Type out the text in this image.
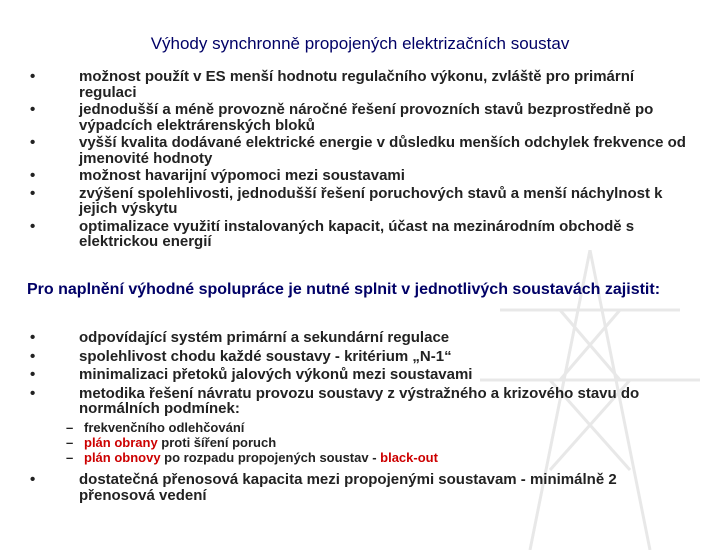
Výhody synchronně propojených elektrizačních soustav
•	možnost použít v ES menší hodnotu regulačního výkonu, zvláště pro primární regulaci
•	jednodušší a méně provozně náročné řešení provozních stavů bezprostředně po výpadcích elektrárenských bloků
•	vyšší kvalita dodávané elektrické energie v důsledku menších odchylek frekvence od jmenovité hodnoty
•	možnost havarijní výpomoci mezi soustavami
•	zvýšení spolehlivosti, jednodušší řešení poruchových stavů a menší náchylnost k jejich výskytu
•	optimalizace využití instalovaných kapacit, účast na mezinárodním obchodě s elektrickou energií
Pro naplnění výhodné spolupráce je nutné splnit v jednotlivých soustavách zajistit:
•	odpovídající systém primární a sekundární regulace
•	spolehlivost chodu každé soustavy - kritérium „N-1“
•	minimalizaci přetoků jalových výkonů mezi soustavami
•	metodika řešení návratu provozu soustavy z výstražného a krizového stavu do normálních podmínek:
– frekvenčního odlehčování
– plán obrany proti šíření poruch
– plán obnovy po rozpadu propojených soustav - black-out
•	dostatečná přenosová kapacita mezi propojenými soustavam - minimálně 2 přenosová vedení
